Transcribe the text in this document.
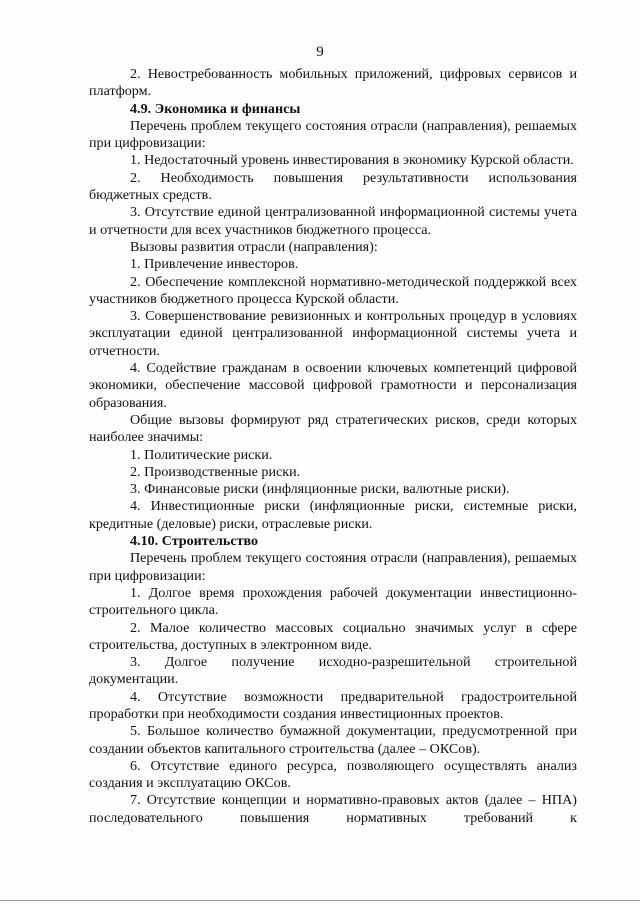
9

2. Невостребованность мобильных приложений, цифровых сервисов и платформ.

4.9. Экономика и финансы

Перечень проблем текущего состояния отрасли (направления), решаемых при цифровизации:

1. Недостаточный уровень инвестирования в экономику Курской области.

2. Необходимость повышения результативности использования бюджетных средств.

3. Отсутствие единой централизованной информационной системы учета и отчетности для всех участников бюджетного процесса.

Вызовы развития отрасли (направления):

1. Привлечение инвесторов.

2. Обеспечение комплексной нормативно-методической поддержкой всех участников бюджетного процесса Курской области.

3. Совершенствование ревизионных и контрольных процедур в условиях эксплуатации единой централизованной информационной системы учета и отчетности.

4. Содействие гражданам в освоении ключевых компетенций цифровой экономики, обеспечение массовой цифровой грамотности и персонализация образования.

Общие вызовы формируют ряд стратегических рисков, среди которых наиболее значимы:

1. Политические риски.

2. Производственные риски.

3. Финансовые риски (инфляционные риски, валютные риски).

4. Инвестиционные риски (инфляционные риски, системные риски, кредитные (деловые) риски, отраслевые риски.

4.10. Строительство

Перечень проблем текущего состояния отрасли (направления), решаемых при цифровизации:

1. Долгое время прохождения рабочей документации инвестиционно-строительного цикла.

2. Малое количество массовых социально значимых услуг в сфере строительства, доступных в электронном виде.

3. Долгое получение исходно-разрешительной строительной документации.

4. Отсутствие возможности предварительной градостроительной проработки при необходимости создания инвестиционных проектов.

5. Большое количество бумажной документации, предусмотренной при создании объектов капитального строительства (далее – ОКСов).

6. Отсутствие единого ресурса, позволяющего осуществлять анализ создания и эксплуатацию ОКСов.

7. Отсутствие концепции и нормативно-правовых актов (далее – НПА) последовательного повышения нормативных требований к
